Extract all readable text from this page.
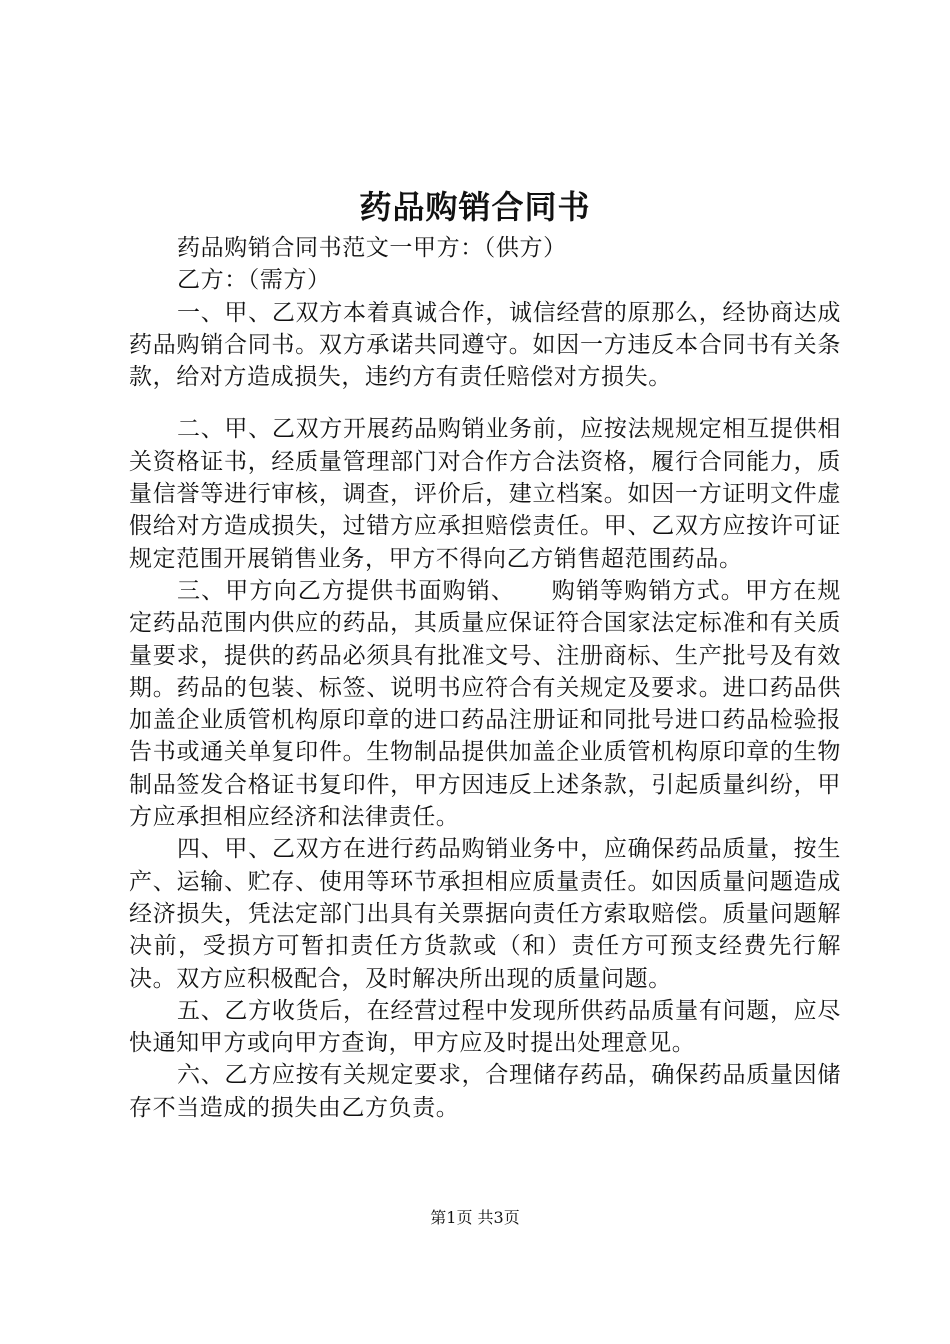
药品购销合同书

药品购销合同书范文一甲方：（供方）

乙方：（需方）

一、甲、乙双方本着真诚合作，诚信经营的原那么，经协商达成药品购销合同书。双方承诺共同遵守。如因一方违反本合同书有关条款，给对方造成损失，违约方有责任赔偿对方损失。

二、甲、乙双方开展药品购销业务前，应按法规规定相互提供相关资格证书，经质量管理部门对合作方合法资格，履行合同能力，质量信誉等进行审核，调查，评价后，建立档案。如因一方证明文件虚假给对方造成损失，过错方应承担赔偿责任。甲、乙双方应按许可证规定范围开展销售业务，甲方不得向乙方销售超范围药品。

三、甲方向乙方提供书面购销、　　购销等购销方式。甲方在规定药品范围内供应的药品，其质量应保证符合国家法定标准和有关质量要求，提供的药品必须具有批准文号、注册商标、生产批号及有效期。药品的包装、标签、说明书应符合有关规定及要求。进口药品供加盖企业质管机构原印章的进口药品注册证和同批号进口药品检验报告书或通关单复印件。生物制品提供加盖企业质管机构原印章的生物制品签发合格证书复印件，甲方因违反上述条款，引起质量纠纷，甲方应承担相应经济和法律责任。

四、甲、乙双方在进行药品购销业务中，应确保药品质量，按生产、运输、贮存、使用等环节承担相应质量责任。如因质量问题造成经济损失，凭法定部门出具有关票据向责任方索取赔偿。质量问题解决前，受损方可暂扣责任方货款或（和）责任方可预支经费先行解决。双方应积极配合，及时解决所出现的质量问题。

五、乙方收货后，在经营过程中发现所供药品质量有问题，应尽快通知甲方或向甲方查询，甲方应及时提出处理意见。

六、乙方应按有关规定要求，合理储存药品，确保药品质量因储存不当造成的损失由乙方负责。

第1页 共3页
